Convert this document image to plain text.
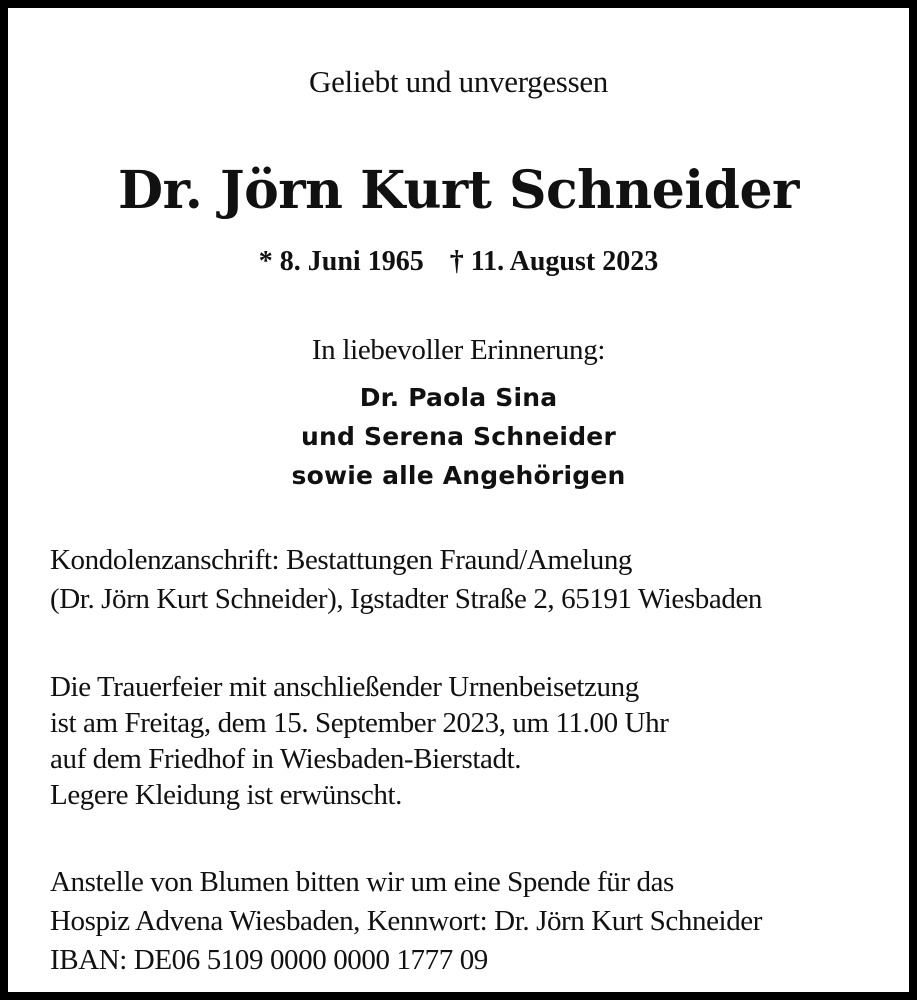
Geliebt und unvergessen
Dr. Jörn Kurt Schneider
* 8. Juni 1965 † 11. August 2023
In liebevoller Erinnerung:
Dr. Paola Sina
und Serena Schneider
sowie alle Angehörigen
Kondolenzanschrift: Bestattungen Fraund/Amelung
(Dr. Jörn Kurt Schneider), Igstadter Straße 2, 65191 Wiesbaden
Die Trauerfeier mit anschließender Urnenbeisetzung
ist am Freitag, dem 15. September 2023, um 11.00 Uhr
auf dem Friedhof in Wiesbaden-Bierstadt.
Legere Kleidung ist erwünscht.
Anstelle von Blumen bitten wir um eine Spende für das
Hospiz Advena Wiesbaden, Kennwort: Dr. Jörn Kurt Schneider
IBAN: DE06 5109 0000 0000 1777 09
